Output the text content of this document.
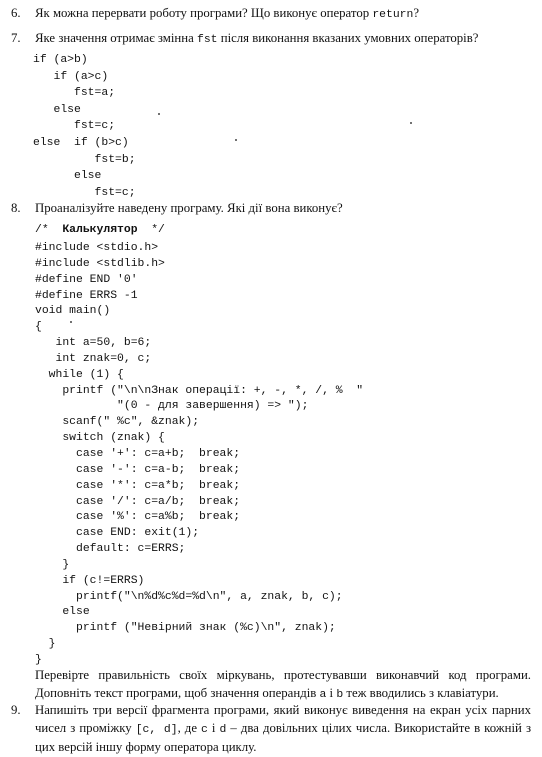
6. Як можна перервати роботу програми? Що виконує оператор return?
7. Яке значення отримає змінна fst після виконання вказаних умовних операторів?
if (a>b)
if (a>c)
fst=a;
else
fst=c;
else  if (b>c)
fst=b;
else
fst=c;
8. Проаналізуйте наведену програму. Які дії вона виконує?
/*  Калькулятор  */
#include <stdio.h>
#include <stdlib.h>
#define END '0'
#define ERRS -1
void main()
{
int a=50, b=6;
int znak=0, c;
while (1) {
printf ("\n\nЗнак операції: +, -, *, /, %  "
"(0 - для завершення) => ");
scanf(" %c", &znak);
switch (znak) {
case '+': c=a+b;  break;
case '-': c=a-b;  break;
case '*': c=a*b;  break;
case '/': c=a/b;  break;
case '%': c=a%b;  break;
case END: exit(1);
default: c=ERRS;
}
if (c!=ERRS)
printf("\n%d%c%d=%d\n", a, znak, b, c);
else
printf ("Невірний знак (%c)\n", znak);
}
}
Перевірте правильність своїх міркувань, протестувавши виконавчий код програми. Доповніть текст програми, щоб значення операндів a і b теж вводились з клавіатури.
9. Напишіть три версії фрагмента програми, який виконує виведення на екран усіх парних чисел з проміжку [c, d], де c і d – два довільних цілих числа. Використайте в кожній з цих версій іншу форму оператора циклу.
